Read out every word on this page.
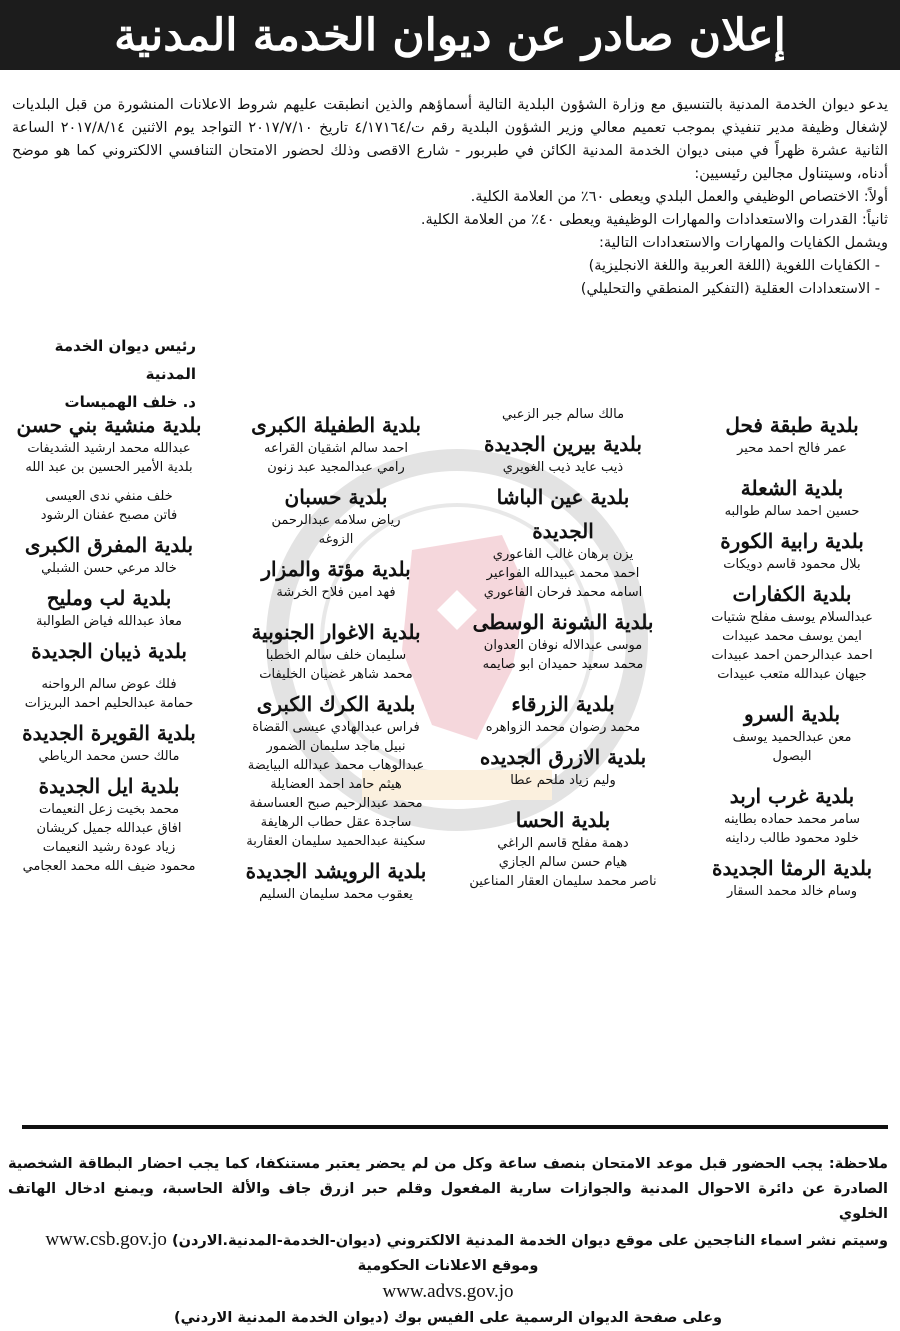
إعلان صادر عن ديوان الخدمة المدنية

يدعو ديوان الخدمة المدنية بالتنسيق مع وزارة الشؤون البلدية التالية أسماؤهم والذين انطبقت عليهم شروط الاعلانات المنشورة من قبل البلديات لإشغال وظيفة مدير تنفيذي بموجب تعميم معالي وزير الشؤون البلدية رقم ت/٤/١٧١٦٤ تاريخ ٢٠١٧/٧/١٠ التواجد يوم الاثنين ٢٠١٧/٨/١٤ الساعة الثانية عشرة ظهراً في مبنى ديوان الخدمة المدنية الكائن في طبربور - شارع الاقصى وذلك لحضور الامتحان التنافسي الالكتروني كما هو موضح أدناه، وسيتناول مجالين رئيسيين:

أولاً: الاختصاص الوظيفي والعمل البلدي ويعطى ٦٠٪ من العلامة الكلية.

ثانياً: القدرات والاستعدادات والمهارات الوظيفية ويعطى ٤٠٪ من العلامة الكلية.

ويشمل الكفايات والمهارات والاستعدادات التالية:

- الكفايات اللغوية (اللغة العربية واللغة الانجليزية)

- الاستعدادات العقلية (التفكير المنطقي والتحليلي)

رئيس ديوان الخدمة المدنية
د. خلف الهميسات
بلدية طبقة فحل
عمر فالح احمد محير
بلدية الشعلة
حسين احمد سالم طوالبه
بلدية رابية الكورة
بلال محمود قاسم دويكات
بلدية الكفارات
عبدالسلام يوسف مفلح شتيات
ايمن يوسف محمد عبيدات
احمد عبدالرحمن احمد عبيدات
جيهان عبدالله متعب عبيدات
بلدية السرو
معن عبدالحميد يوسف
البصول
بلدية غرب اربد
سامر محمد حماده بطاينه
خلود محمود طالب رداينه
بلدية الرمثا الجديدة
وسام خالد محمد السقار
مالك سالم جبر الزعبي
بلدية بيرين الجديدة
ذيب عايد ذيب الغويري
بلدية عين الباشا
الجديدة
يزن برهان غالب الفاعوري
احمد محمد عبيدالله الفواعير
اسامه محمد فرحان الفاعوري
بلدية الشونة الوسطى
موسى عبدالاله نوفان العدوان
محمد سعيد حميدان ابو صايمه
بلدية الزرقاء
محمد رضوان محمد الزواهره
بلدية الازرق الجديده
وليم زياد ملحم عطا
بلدية الحسا
دهمة مفلح قاسم الراغي
هيام حسن سالم الجازي
ناصر محمد سليمان العقار المناعين
بلدية الطفيلة الكبرى
احمد سالم اشقيان القراعه
رامي عبدالمجيد عبد زنون
بلدية حسبان
رياض سلامه عبدالرحمن
الزوغه
بلدية مؤتة والمزار
فهد امين فلاح الخرشة
بلدية الاغوار الجنوبية
سليمان خلف سالم الخطبا
محمد شاهر غضيان الخليفات
بلدية الكرك الكبرى
فراس عبدالهادي عيسى القضاة
نبيل ماجد سليمان الضمور
عبدالوهاب محمد عبدالله البيايضة
هيثم حامد احمد العضايلة
محمد عبدالرحيم صبح العساسفة
ساجدة عقل حطاب الرهايفة
سكينة عبدالحميد سليمان العقاربة
بلدية الرويشد الجديدة
يعقوب محمد سليمان السليم
بلدية منشية بني حسن
عبدالله محمد ارشيد الشديفات
بلدية الأمير الحسين بن عبد الله
خلف منفي ندى العيسى
فاتن مصبح عفنان الرشود
بلدية المفرق الكبرى
خالد مرعي حسن الشبلي
بلدية لب ومليح
معاذ عبدالله فياض الطوالبة
بلدية ذيبان الجديدة
فلك عوض سالم الرواحنه
حمامة عبدالحليم احمد البريزات
بلدية القويرة الجديدة
مالك حسن محمد الرياطي
بلدية ايل الجديدة
محمد بخيت زعل النعيمات
افاق عبدالله جميل كريشان
زياد عودة رشيد النعيمات
محمود ضيف الله محمد العجامي

ملاحظة: يجب الحضور قبل موعد الامتحان بنصف ساعة وكل من لم يحضر يعتبر مستنكفا، كما يجب احضار البطاقة الشخصية الصادرة عن دائرة الاحوال المدنية والجوازات سارية المفعول وقلم حبر ازرق جاف والألة الحاسبة، ويمنع ادخال الهاتف الخلوي

وسيتم نشر اسماء الناجحين على موقع ديوان الخدمة المدنية الالكتروني (ديوان-الخدمة-المدنية.الاردن) www.csb.gov.jo

وموقع الاعلانات الحكومية
www.advs.gov.jo

وعلى صفحة الديوان الرسمية على الفيس بوك (ديوان الخدمة المدنية الاردني)
